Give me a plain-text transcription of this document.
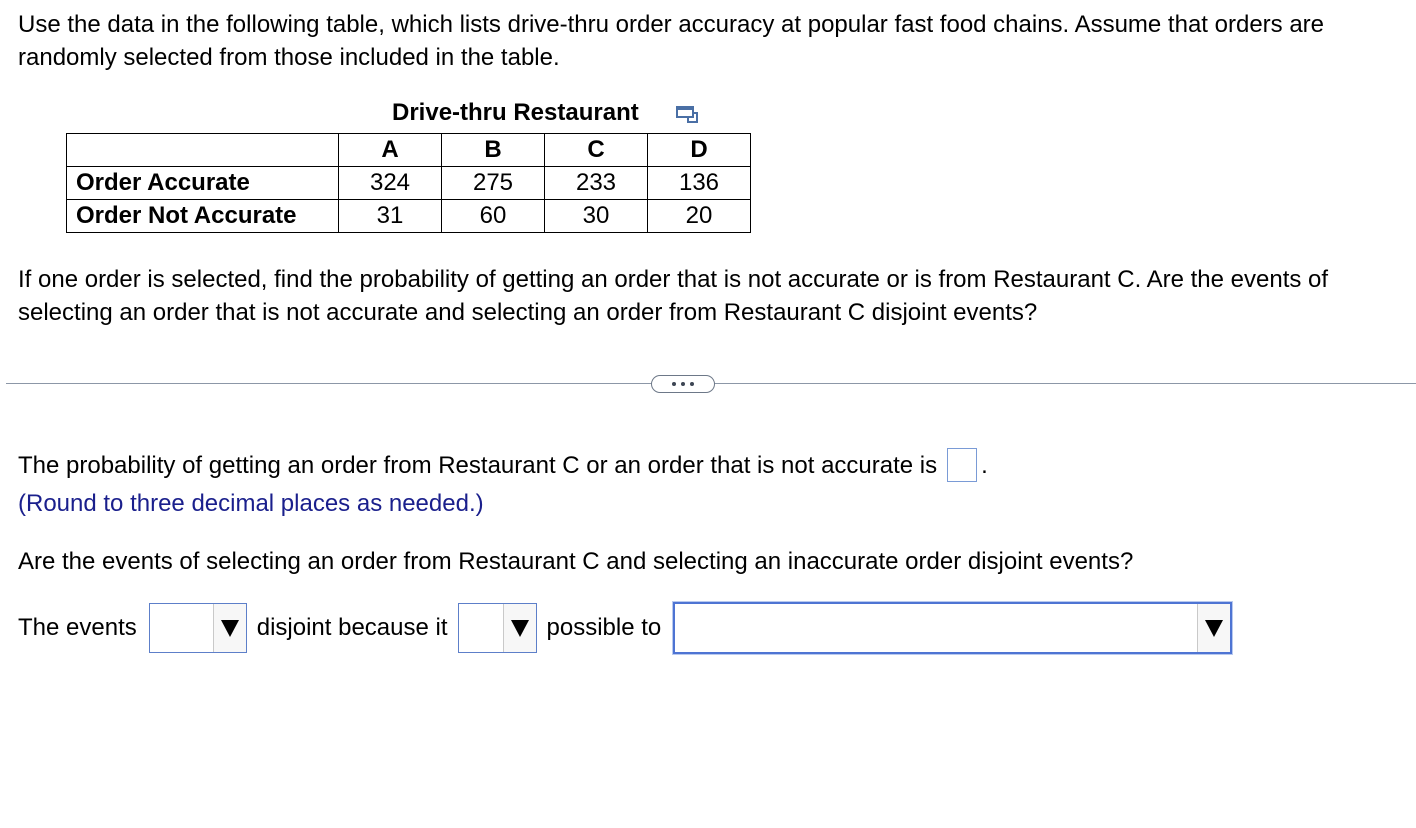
Use the data in the following table, which lists drive-thru order accuracy at popular fast food chains. Assume that orders are randomly selected from those included in the table.

Drive-thru Restaurant
	A	B	C	D
Order Accurate	324	275	233	136
Order Not Accurate	31	60	30	20

If one order is selected, find the probability of getting an order that is not accurate or is from Restaurant C. Are the events of selecting an order that is not accurate and selecting an order from Restaurant C disjoint events?

The probability of getting an order from Restaurant C or an order that is not accurate is .
(Round to three decimal places as needed.)
Are the events of selecting an order from Restaurant C and selecting an inaccurate order disjoint events?
The events	disjoint because it	possible to
